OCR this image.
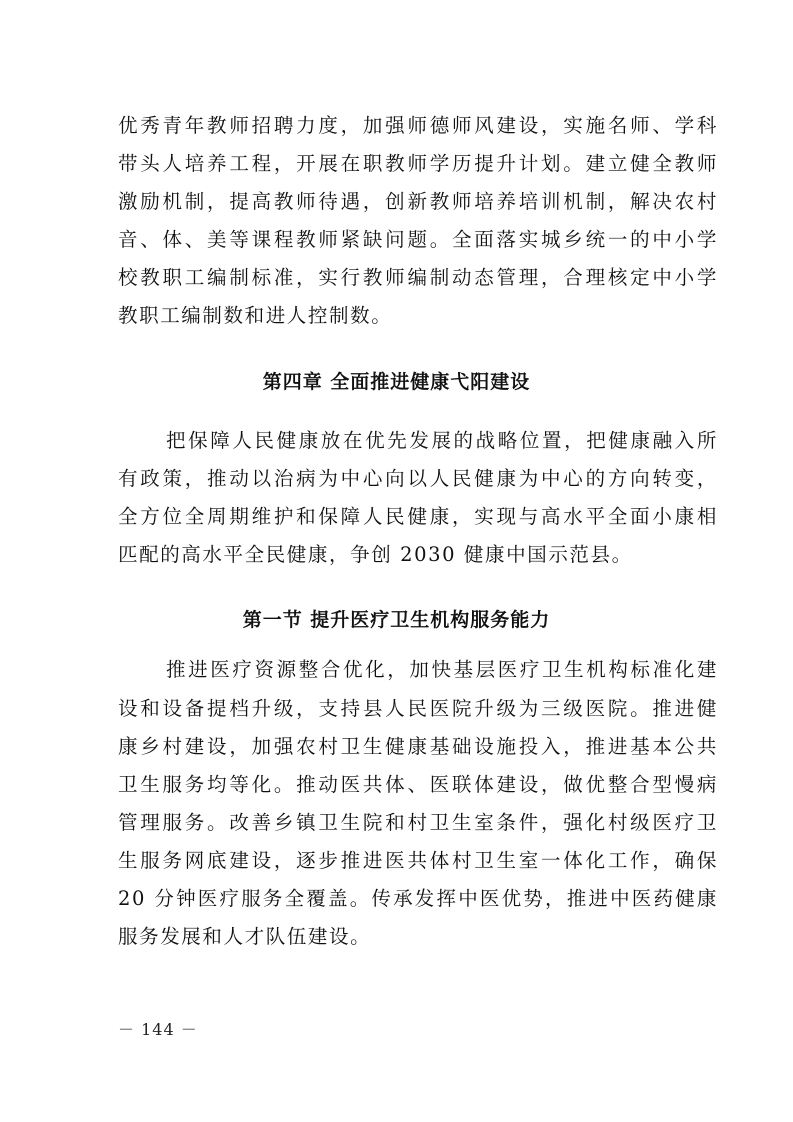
优秀青年教师招聘力度，加强师德师风建设，实施名师、学科
带头人培养工程，开展在职教师学历提升计划。建立健全教师
激励机制，提高教师待遇，创新教师培养培训机制，解决农村
音、体、美等课程教师紧缺问题。全面落实城乡统一的中小学
校教职工编制标准，实行教师编制动态管理，合理核定中小学
教职工编制数和进人控制数。
第四章 全面推进健康弋阳建设
把保障人民健康放在优先发展的战略位置，把健康融入所
有政策，推动以治病为中心向以人民健康为中心的方向转变，
全方位全周期维护和保障人民健康，实现与高水平全面小康相
匹配的高水平全民健康，争创 2030 健康中国示范县。
第一节 提升医疗卫生机构服务能力
推进医疗资源整合优化，加快基层医疗卫生机构标准化建
设和设备提档升级，支持县人民医院升级为三级医院。推进健
康乡村建设，加强农村卫生健康基础设施投入，推进基本公共
卫生服务均等化。推动医共体、医联体建设，做优整合型慢病
管理服务。改善乡镇卫生院和村卫生室条件，强化村级医疗卫
生服务网底建设，逐步推进医共体村卫生室一体化工作，确保
20 分钟医疗服务全覆盖。传承发挥中医优势，推进中医药健康
服务发展和人才队伍建设。
－ 144 －
